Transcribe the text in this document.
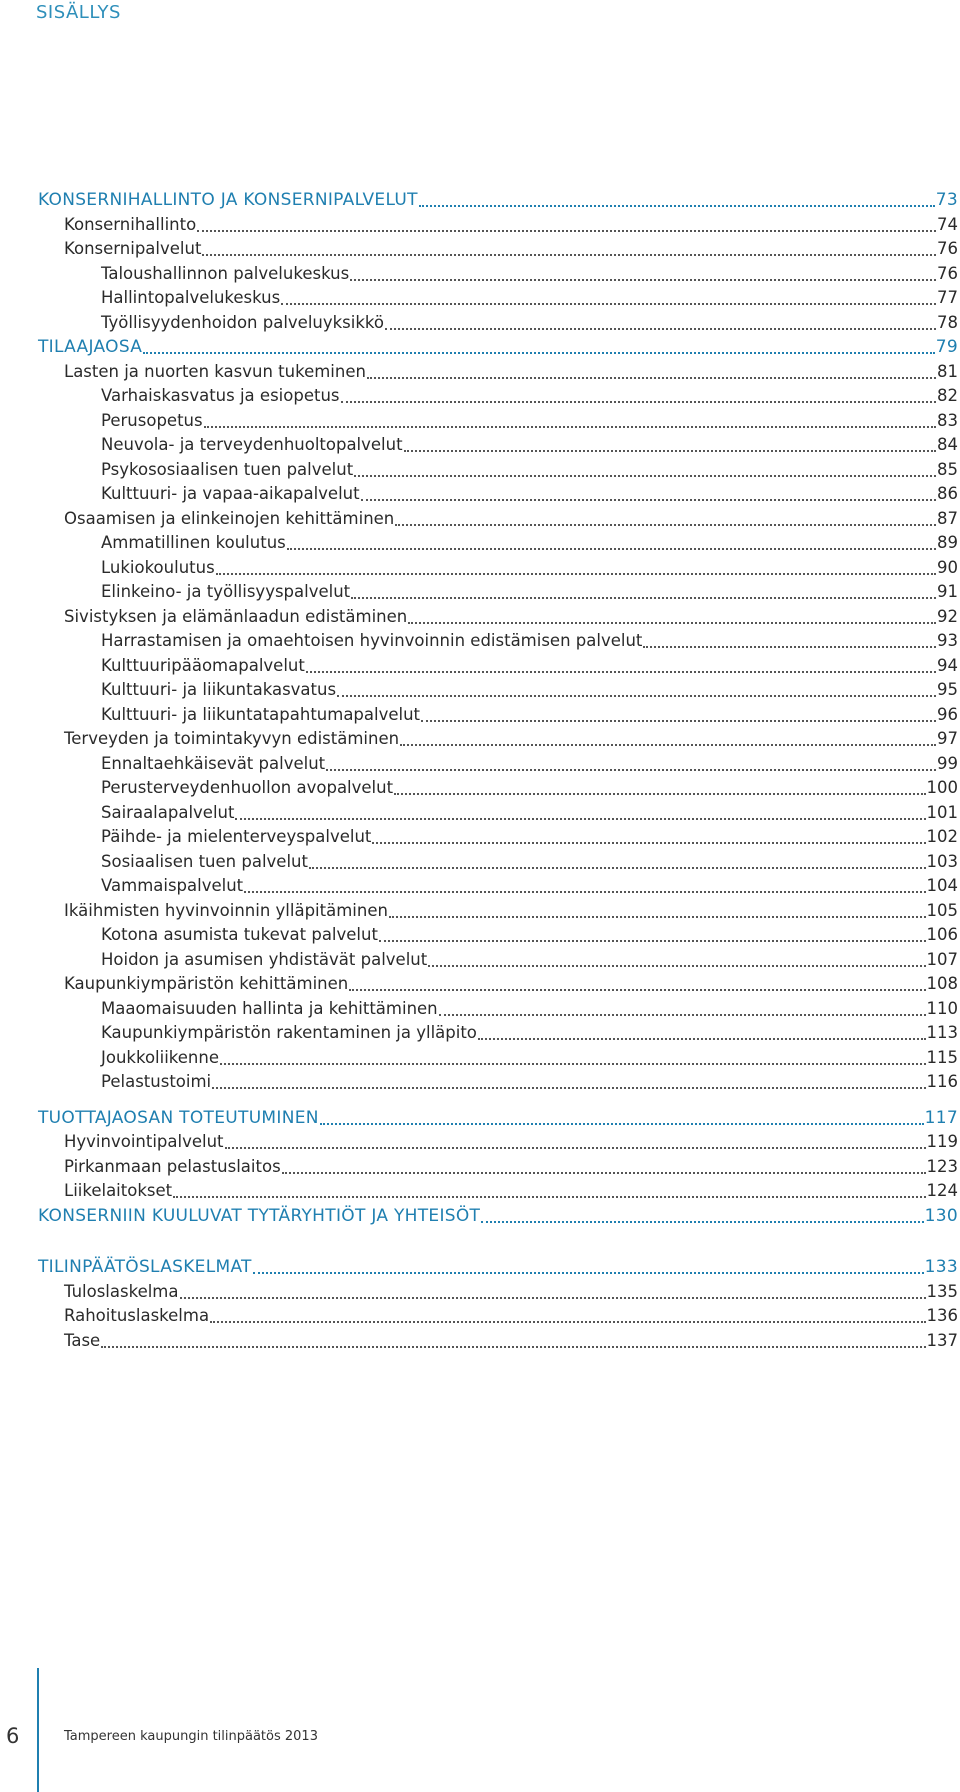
SISÄLLYS
KONSERNIHALLINTO JA KONSERNIPALVELUT	73
Konsernihallinto	74
Konsernipalvelut	76
Taloushallinnon palvelukeskus	76
Hallintopalvelukeskus	77
Työllisyydenhoidon palveluyksikkö	78
TILAAJAOSA	79
Lasten ja nuorten kasvun tukeminen	81
Varhaiskasvatus ja esiopetus	82
Perusopetus	83
Neuvola- ja terveydenhuoltopalvelut	84
Psykososiaalisen tuen palvelut	85
Kulttuuri- ja vapaa-aikapalvelut	86
Osaamisen ja elinkeinojen kehittäminen	87
Ammatillinen koulutus	89
Lukiokoulutus	90
Elinkeino- ja työllisyyspalvelut	91
Sivistyksen ja elämänlaadun edistäminen	92
Harrastamisen ja omaehtoisen hyvinvoinnin edistämisen palvelut	93
Kulttuuripääomapalvelut	94
Kulttuuri- ja liikuntakasvatus	95
Kulttuuri- ja liikuntatapahtumapalvelut	96
Terveyden ja toimintakyvyn edistäminen	97
Ennaltaehkäisevät palvelut	99
Perusterveydenhuollon avopalvelut	100
Sairaalapalvelut	101
Päihde- ja mielenterveyspalvelut	102
Sosiaalisen tuen palvelut	103
Vammaispalvelut	104
Ikäihmisten hyvinvoinnin ylläpitäminen	105
Kotona asumista tukevat palvelut	106
Hoidon ja asumisen yhdistävät palvelut	107
Kaupunkiympäristön kehittäminen	108
Maaomaisuuden hallinta ja kehittäminen	110
Kaupunkiympäristön rakentaminen ja ylläpito	113
Joukkoliikenne	115
Pelastustoimi	116
TUOTTAJAOSAN TOTEUTUMINEN	117
Hyvinvointipalvelut	119
Pirkanmaan pelastuslaitos	123
Liikelaitokset	124
KONSERNIIN KUULUVAT TYTÄRYHTIÖT JA YHTEISÖT	130
TILINPÄÄTÖSLASKELMAT	133
Tuloslaskelma	135
Rahoituslaskelma	136
Tase	137
6	Tampereen kaupungin tilinpäätös 2013
